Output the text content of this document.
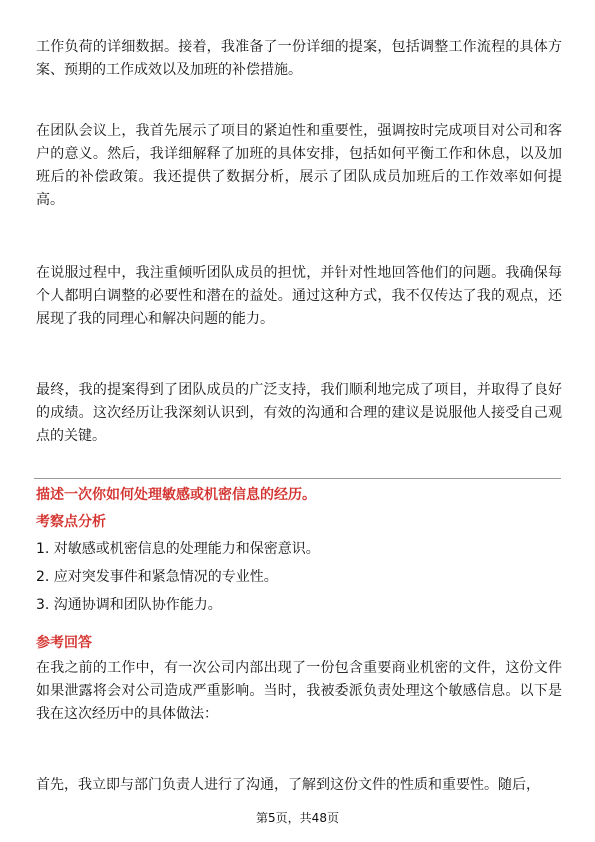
工作负荷的详细数据。接着，我准备了一份详细的提案，包括调整工作流程的具体方案、预期的工作成效以及加班的补偿措施。

在团队会议上，我首先展示了项目的紧迫性和重要性，强调按时完成项目对公司和客户的意义。然后，我详细解释了加班的具体安排，包括如何平衡工作和休息，以及加班后的补偿政策。我还提供了数据分析，展示了团队成员加班后的工作效率如何提高。

在说服过程中，我注重倾听团队成员的担忧，并针对性地回答他们的问题。我确保每个人都明白调整的必要性和潜在的益处。通过这种方式，我不仅传达了我的观点，还展现了我的同理心和解决问题的能力。

最终，我的提案得到了团队成员的广泛支持，我们顺利地完成了项目，并取得了良好的成绩。这次经历让我深刻认识到，有效的沟通和合理的建议是说服他人接受自己观点的关键。

描述一次你如何处理敏感或机密信息的经历。

考察点分析

1. 对敏感或机密信息的处理能力和保密意识。

2. 应对突发事件和紧急情况的专业性。

3. 沟通协调和团队协作能力。

参考回答

在我之前的工作中，有一次公司内部出现了一份包含重要商业机密的文件，这份文件如果泄露将会对公司造成严重影响。当时，我被委派负责处理这个敏感信息。以下是我在这次经历中的具体做法：

首先，我立即与部门负责人进行了沟通，了解到这份文件的性质和重要性。随后，

第5页，共48页
